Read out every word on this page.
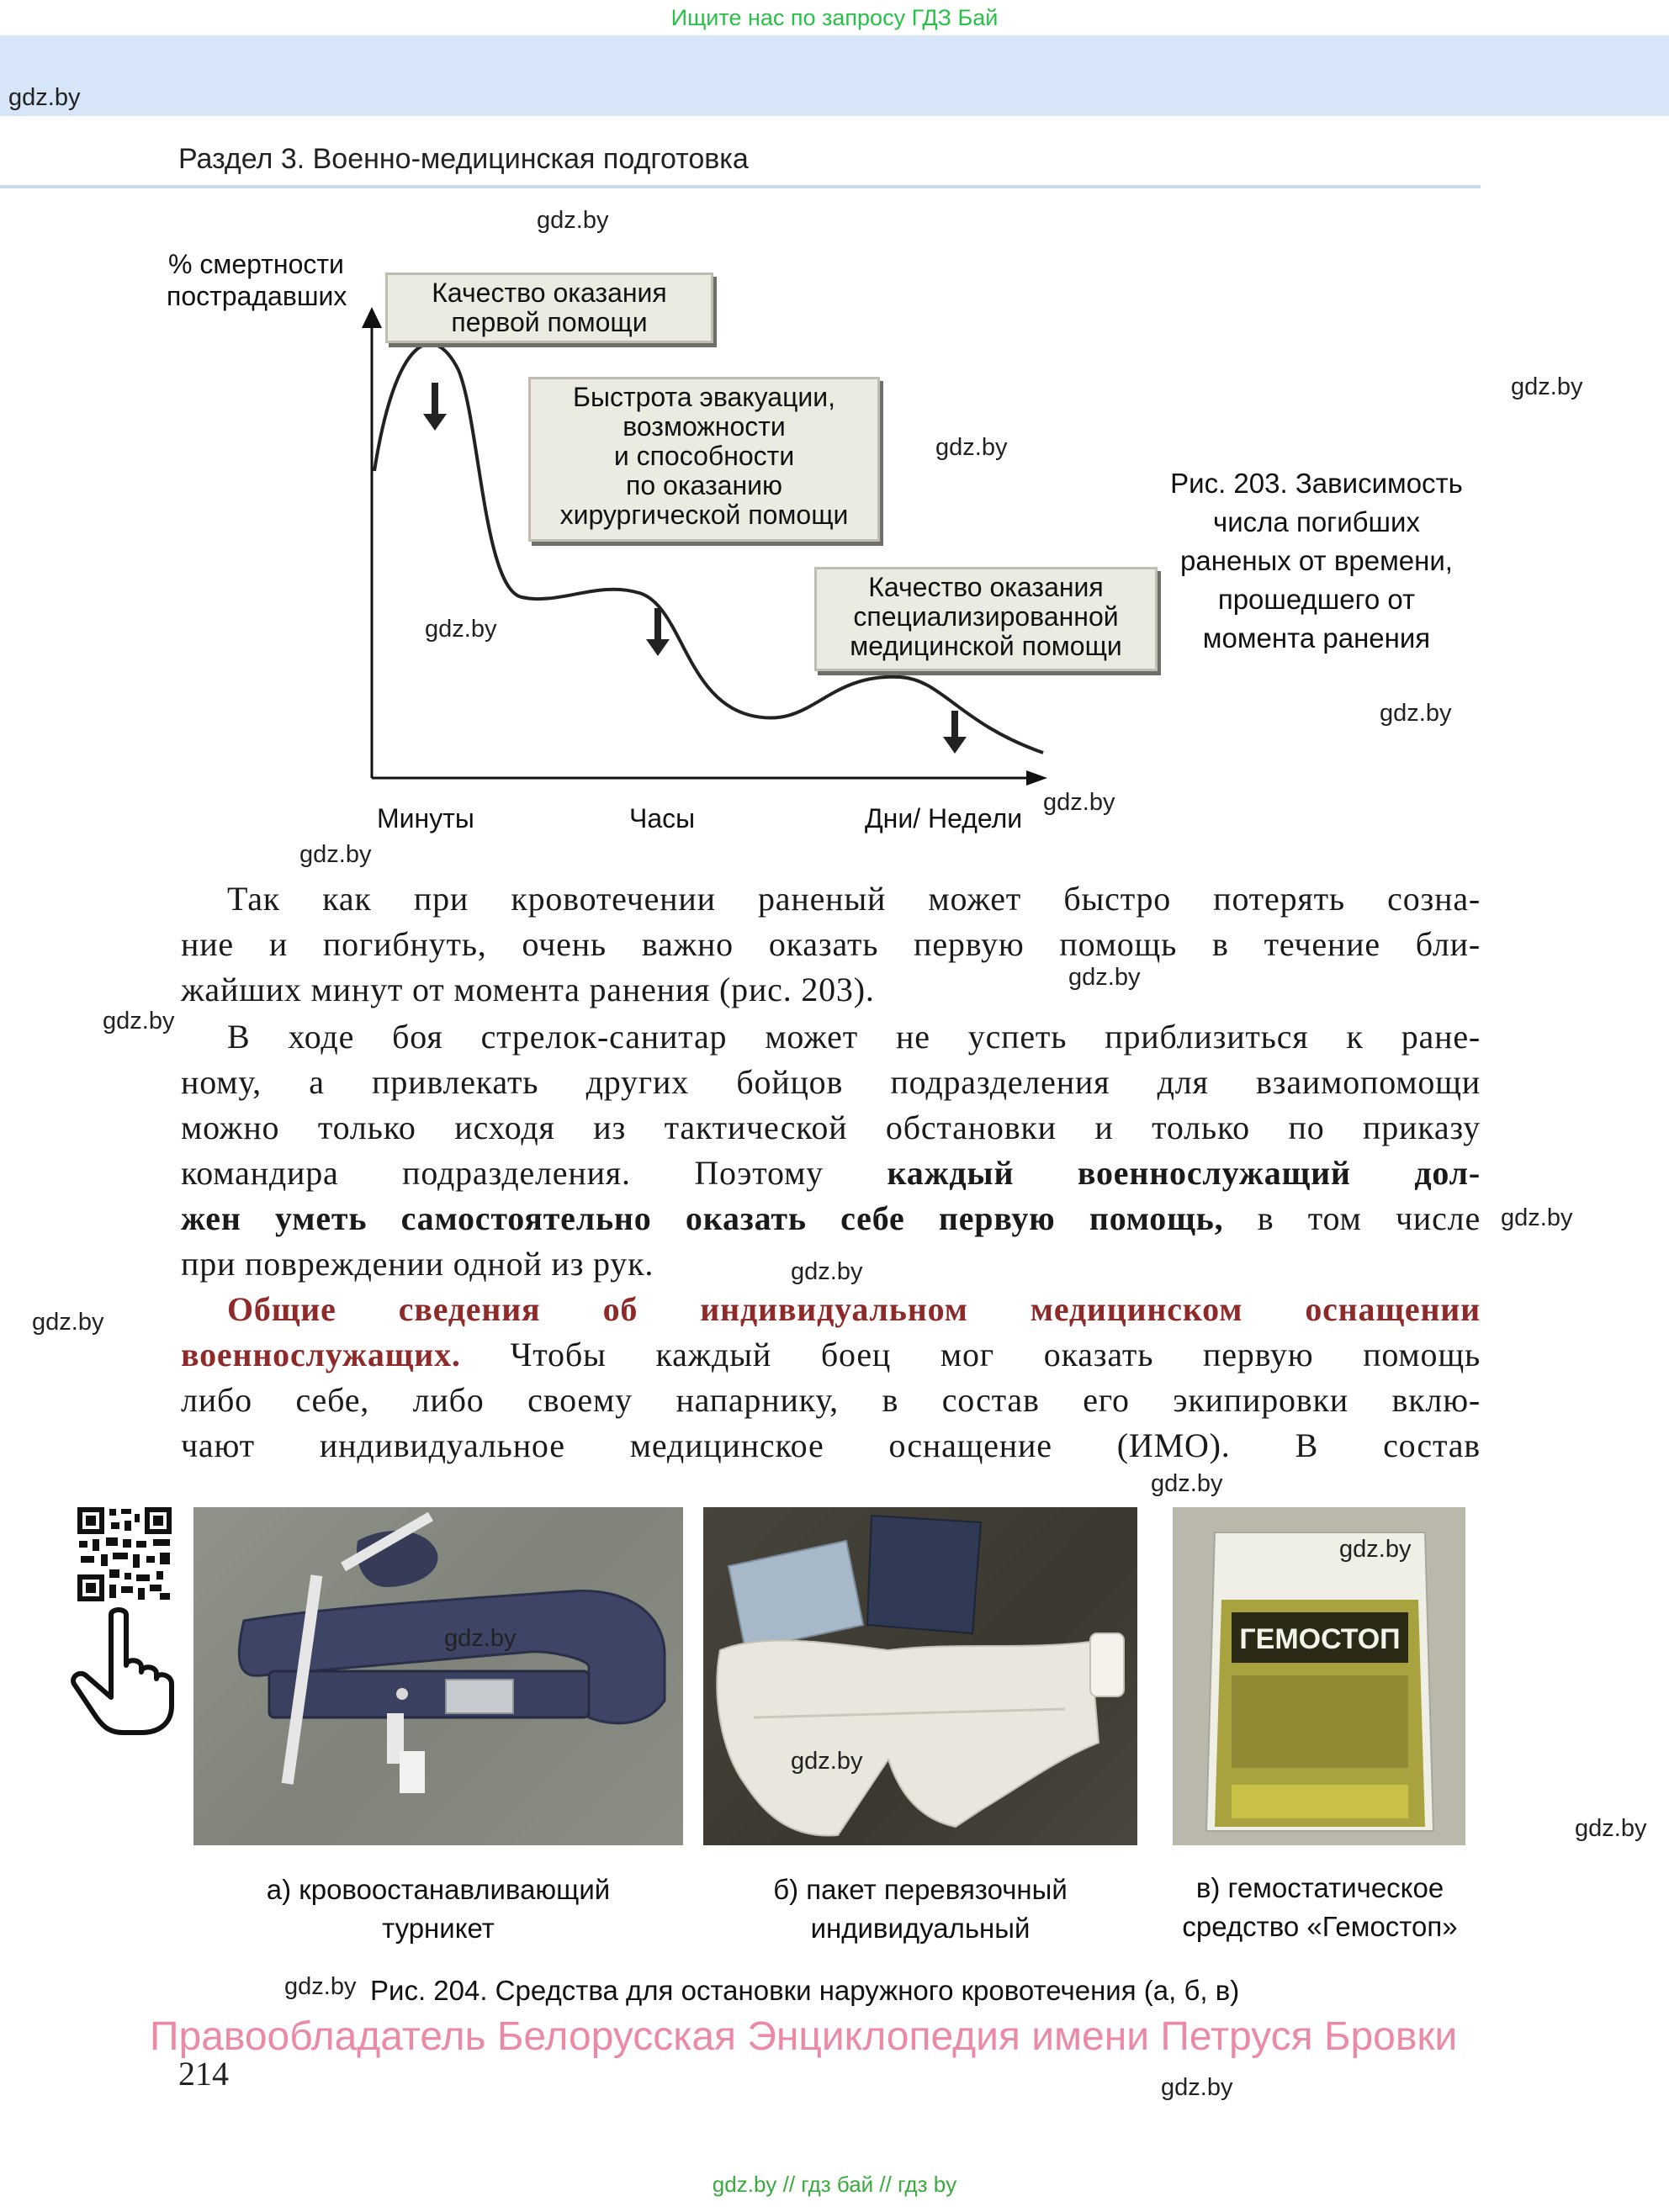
Ищите нас по запросу ГДЗ Бай
gdz.by
Раздел 3. Военно-медицинская подготовка
gdz.by
% смертности
пострадавших	Качество оказания
первой помощи
Быстрота эвакуации,
возможности
и способности
по оказанию
хирургической помощи
Качество оказания
специализированной
медицинской помощи
gdz.by
gdz.by
gdz.by
gdz.by
Минуты	Часы	Дни/ Недели
gdz.by
gdz.by
Рис. 203. Зависимость
числа погибших
раненых от времени,
прошедшего от
момента ранения
Так как при кровотечении раненый может быстро потерять созна-
ние и погибнуть, очень важно оказать первую помощь в течение бли-
жайших минут от момента ранения (рис. 203).	gdz.by
gdz.by	В ходе боя стрелок-санитар может не успеть приблизиться к ране-
ному, а привлекать других бойцов подразделения для взаимопомощи
можно только исходя из тактической обстановки и только по приказу
командира подразделения. Поэтому каждый военнослужащий дол-
жен уметь самостоятельно оказать себе первую помощь, в том числе
при повреждении одной из рук.
gdz.by
gdz.by
gdz.by	Общие сведения об индивидуальном медицинском оснащении
военнослужащих. Чтобы каждый боец мог оказать первую помощь
либо себе, либо своему напарнику, в состав его экипировки вклю-
чают индивидуальное медицинское оснащение (ИМО). В состав
gdz.by
ГЕМОСТОП
gdz.by
gdz.by
gdz.by
gdz.by
а) кровоостанавливающий
турникет
б) пакет перевязочный
индивидуальный
в) гемостатическое
средство «Гемостоп»
gdz.by Рис. 204. Средства для остановки наружного кровотечения (а, б, в)
Правообладатель Белорусская Энциклопедия имени Петруся Бровки
214	gdz.by
gdz.by // гдз бай // гдз by
